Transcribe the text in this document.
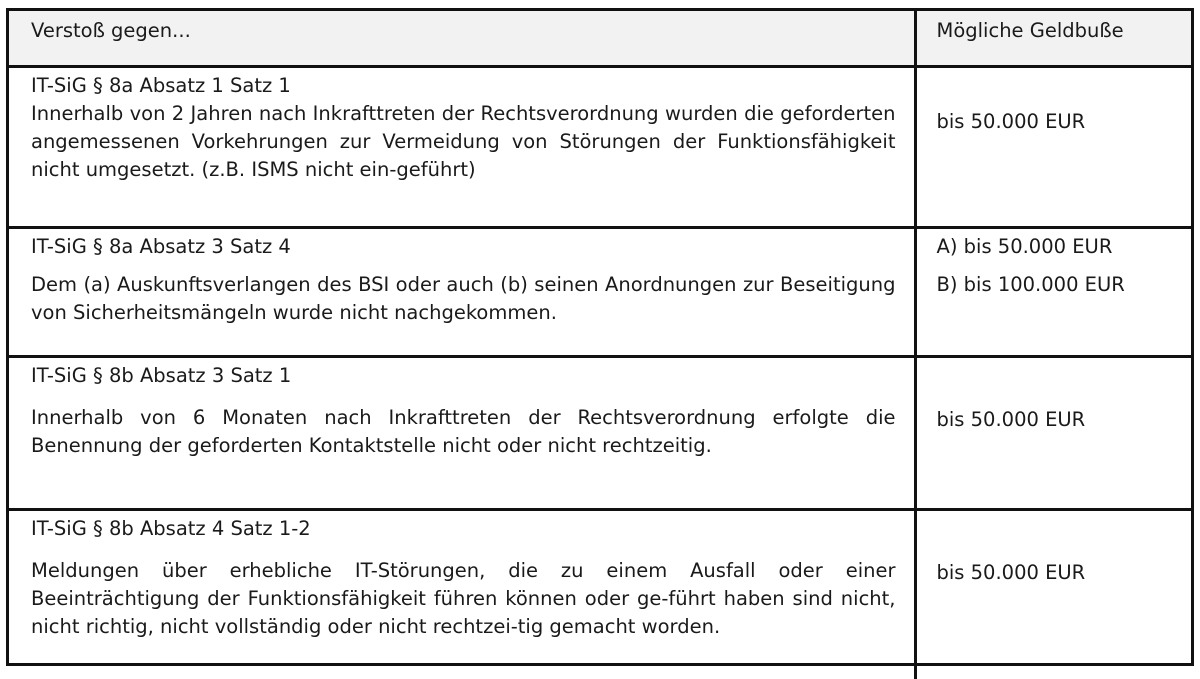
Verstoß gegen...	Mögliche Geldbuße

IT-SiG § 8a Absatz 1 Satz 1
Innerhalb von 2 Jahren nach Inkrafttreten der Rechtsverordnung wurden die geforderten angemessenen Vorkehrungen zur Vermeidung von Störungen der Funktionsfähigkeit nicht umgesetzt. (z.B. ISMS nicht ein-geführt)	bis 50.000 EUR

IT-SiG § 8a Absatz 3 Satz 4
Dem (a) Auskunftsverlangen des BSI oder auch (b) seinen Anordnungen zur Beseitigung von Sicherheitsmängeln wurde nicht nachgekommen.	A) bis 50.000 EUR
B) bis 100.000 EUR

IT-SiG § 8b Absatz 3 Satz 1
Innerhalb von 6 Monaten nach Inkrafttreten der Rechtsverordnung erfolgte die Benennung der geforderten Kontaktstelle nicht oder nicht rechtzeitig.	bis 50.000 EUR

IT-SiG § 8b Absatz 4 Satz 1-2
Meldungen über erhebliche IT-Störungen, die zu einem Ausfall oder einer Beeinträchtigung der Funktionsfähigkeit führen können oder ge-führt haben sind nicht, nicht richtig, nicht vollständig oder nicht rechtzei-tig gemacht worden.	bis 50.000 EUR
